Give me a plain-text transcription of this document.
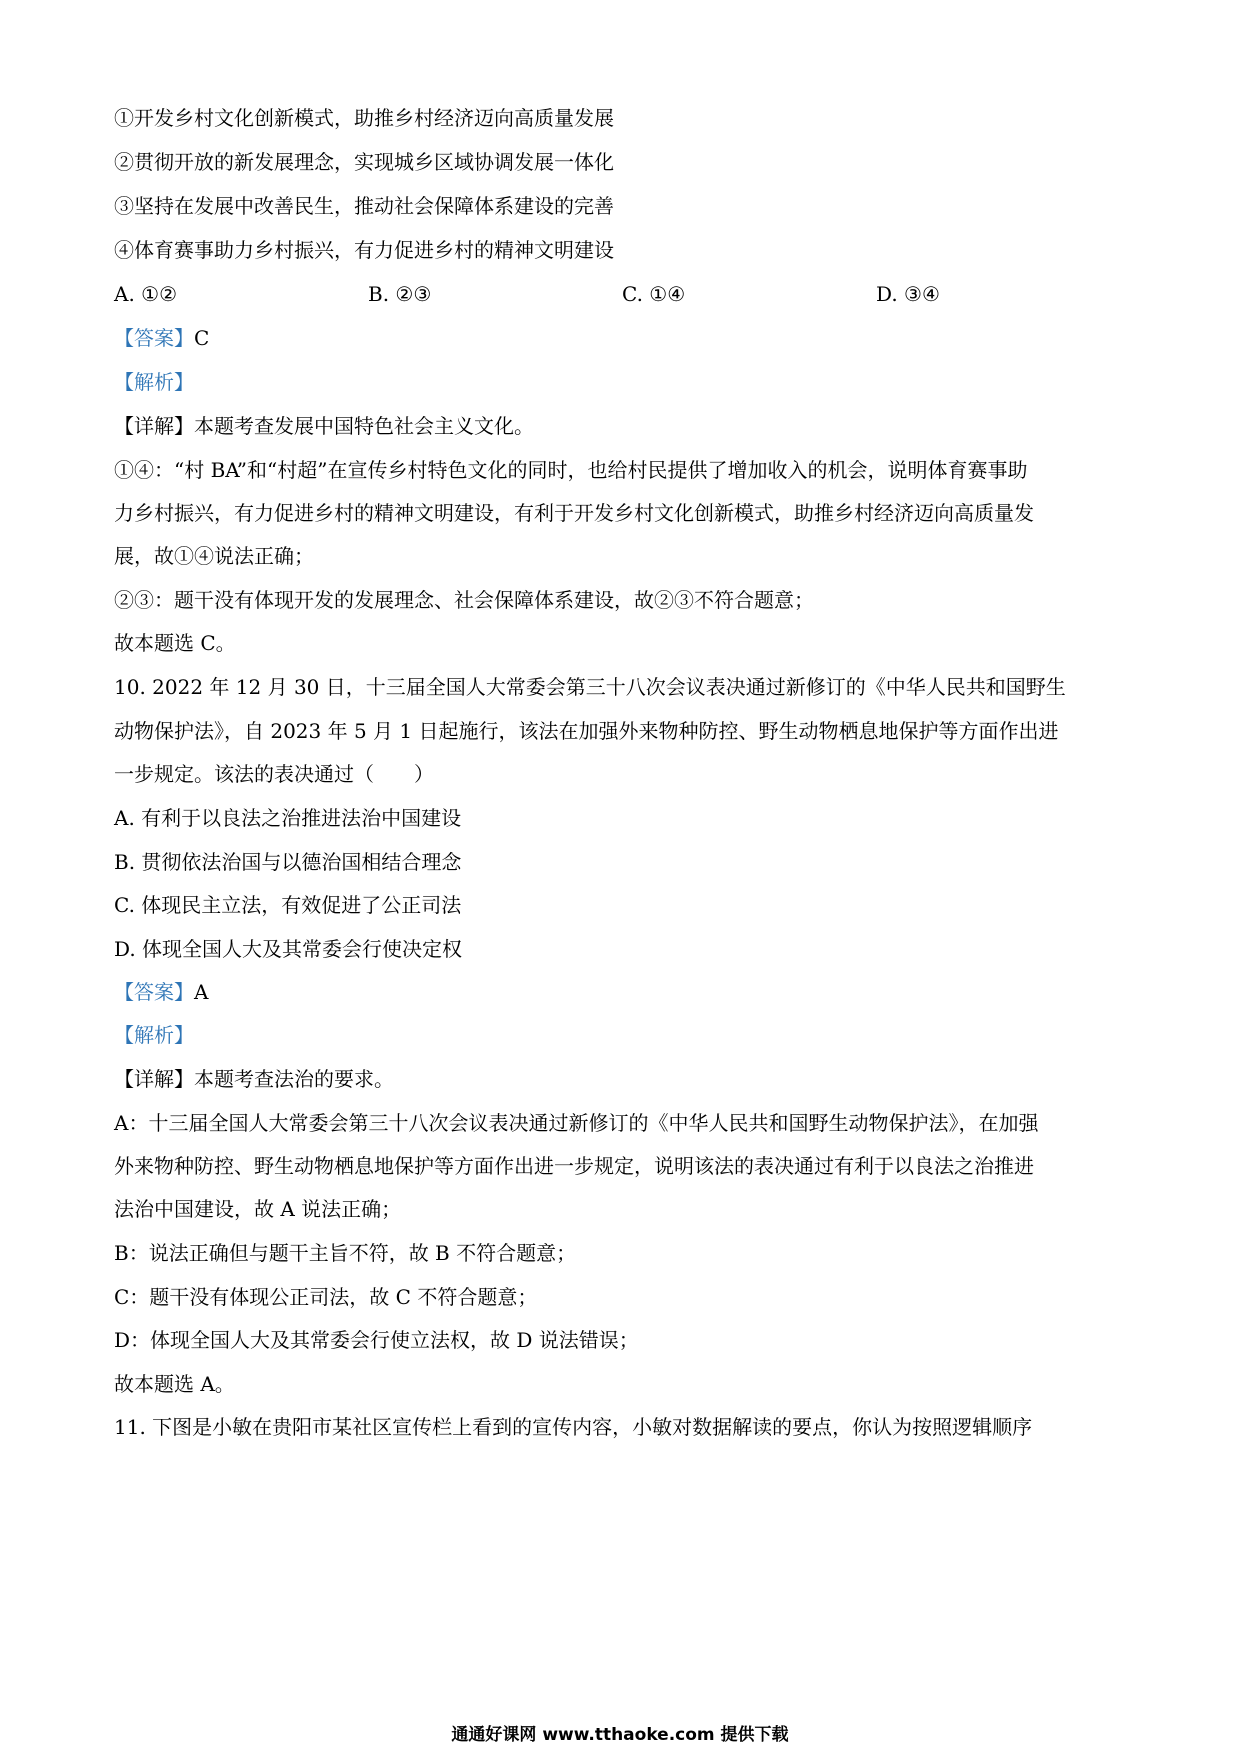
①开发乡村文化创新模式，助推乡村经济迈向高质量发展
②贯彻开放的新发展理念，实现城乡区域协调发展一体化
③坚持在发展中改善民生，推动社会保障体系建设的完善
④体育赛事助力乡村振兴，有力促进乡村的精神文明建设
A. ①②	B. ②③	C. ①④	D. ③④
【答案】C
【解析】
【详解】本题考查发展中国特色社会主义文化。
①④：“村 BA”和“村超”在宣传乡村特色文化的同时，也给村民提供了增加收入的机会，说明体育赛事助
力乡村振兴，有力促进乡村的精神文明建设，有利于开发乡村文化创新模式，助推乡村经济迈向高质量发
展，故①④说法正确；
②③：题干没有体现开发的发展理念、社会保障体系建设，故②③不符合题意；
故本题选 C。
10. 2022 年 12 月 30 日，十三届全国人大常委会第三十八次会议表决通过新修订的《中华人民共和国野生
动物保护法》，自 2023 年 5 月 1 日起施行，该法在加强外来物种防控、野生动物栖息地保护等方面作出进
一步规定。该法的表决通过（　　）
A. 有利于以良法之治推进法治中国建设
B. 贯彻依法治国与以德治国相结合理念
C. 体现民主立法，有效促进了公正司法
D. 体现全国人大及其常委会行使决定权
【答案】A
【解析】
【详解】本题考查法治的要求。
A：十三届全国人大常委会第三十八次会议表决通过新修订的《中华人民共和国野生动物保护法》，在加强
外来物种防控、野生动物栖息地保护等方面作出进一步规定，说明该法的表决通过有利于以良法之治推进
法治中国建设，故 A 说法正确；
B：说法正确但与题干主旨不符，故 B 不符合题意；
C：题干没有体现公正司法，故 C 不符合题意；
D：体现全国人大及其常委会行使立法权，故 D 说法错误；
故本题选 A。
11. 下图是小敏在贵阳市某社区宣传栏上看到的宣传内容，小敏对数据解读的要点，你认为按照逻辑顺序
通通好课网 www.tthaoke.com 提供下载
